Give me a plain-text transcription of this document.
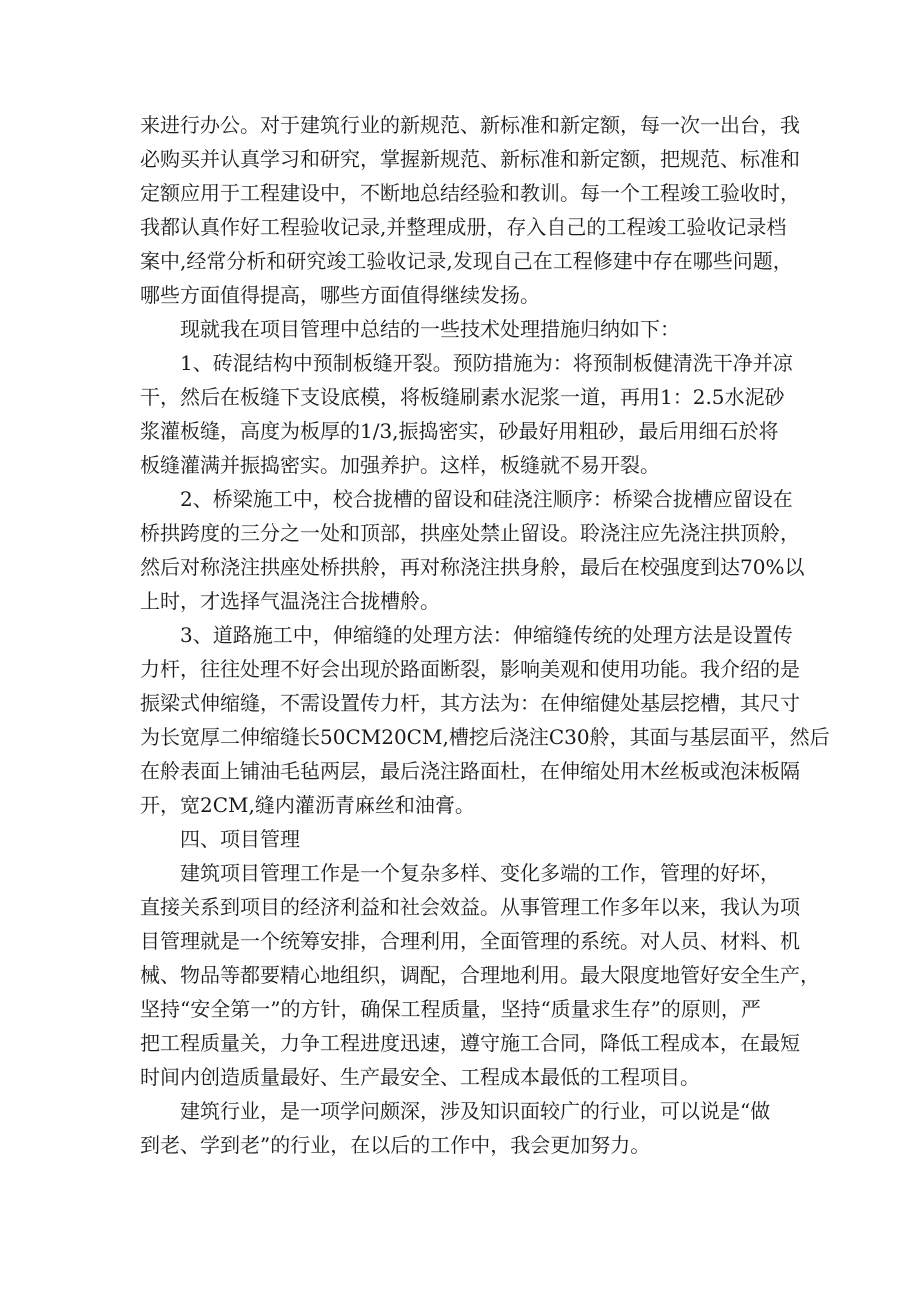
来进行办公。对于建筑行业的新规范、新标准和新定额，每一次一出台，我
必购买并认真学习和研究，掌握新规范、新标准和新定额，把规范、标准和
定额应用于工程建设中，不断地总结经验和教训。每一个工程竣工验收时，
我都认真作好工程验收记录,并整理成册，存入自己的工程竣工验收记录档
案中,经常分析和研究竣工验收记录,发现自己在工程修建中存在哪些问题，
哪些方面值得提高，哪些方面值得继续发扬。
现就我在项目管理中总结的一些技术处理措施归纳如下：
1、砖混结构中预制板缝开裂。预防措施为：将预制板健清洗干净并凉
干，然后在板缝下支设底模，将板缝刷素水泥浆一道，再用1：2.5水泥砂
浆灌板缝，高度为板厚的1/3,振捣密实，砂最好用粗砂，最后用细石於将
板缝灌满并振捣密实。加强养护。这样，板缝就不易开裂。
2、桥梁施工中，校合拢槽的留设和硅浇注顺序：桥梁合拢槽应留设在
桥拱跨度的三分之一处和顶部，拱座处禁止留设。聆浇注应先浇注拱顶舲，
然后对称浇注拱座处桥拱舲，再对称浇注拱身舲，最后在校强度到达70%以
上时，才选择气温浇注合拢槽舲。
3、道路施工中，伸缩缝的处理方法：伸缩缝传统的处理方法是设置传
力杆，往往处理不好会出现於路面断裂，影响美观和使用功能。我介绍的是
振梁式伸缩缝，不需设置传力杆，其方法为：在伸缩健处基层挖槽，其尺寸
为长宽厚二伸缩缝长50CM20CM,槽挖后浇注C30舲，其面与基层面平，然后
在舲表面上铺油毛毡两层，最后浇注路面杜，在伸缩处用木丝板或泡沫板隔
开，宽2CM,缝内灌沥青麻丝和油膏。
四、项目管理
建筑项目管理工作是一个复杂多样、变化多端的工作，管理的好坏，
直接关系到项目的经济利益和社会效益。从事管理工作多年以来，我认为项
目管理就是一个统筹安排，合理利用，全面管理的系统。对人员、材料、机
械、物品等都要精心地组织，调配，合理地利用。最大限度地管好安全生产，
坚持“安全第一”的方针，确保工程质量，坚持“质量求生存”的原则，严
把工程质量关，力争工程进度迅速，遵守施工合同，降低工程成本，在最短
时间内创造质量最好、生产最安全、工程成本最低的工程项目。
建筑行业，是一项学问颇深，涉及知识面较广的行业，可以说是“做
到老、学到老”的行业，在以后的工作中，我会更加努力。
